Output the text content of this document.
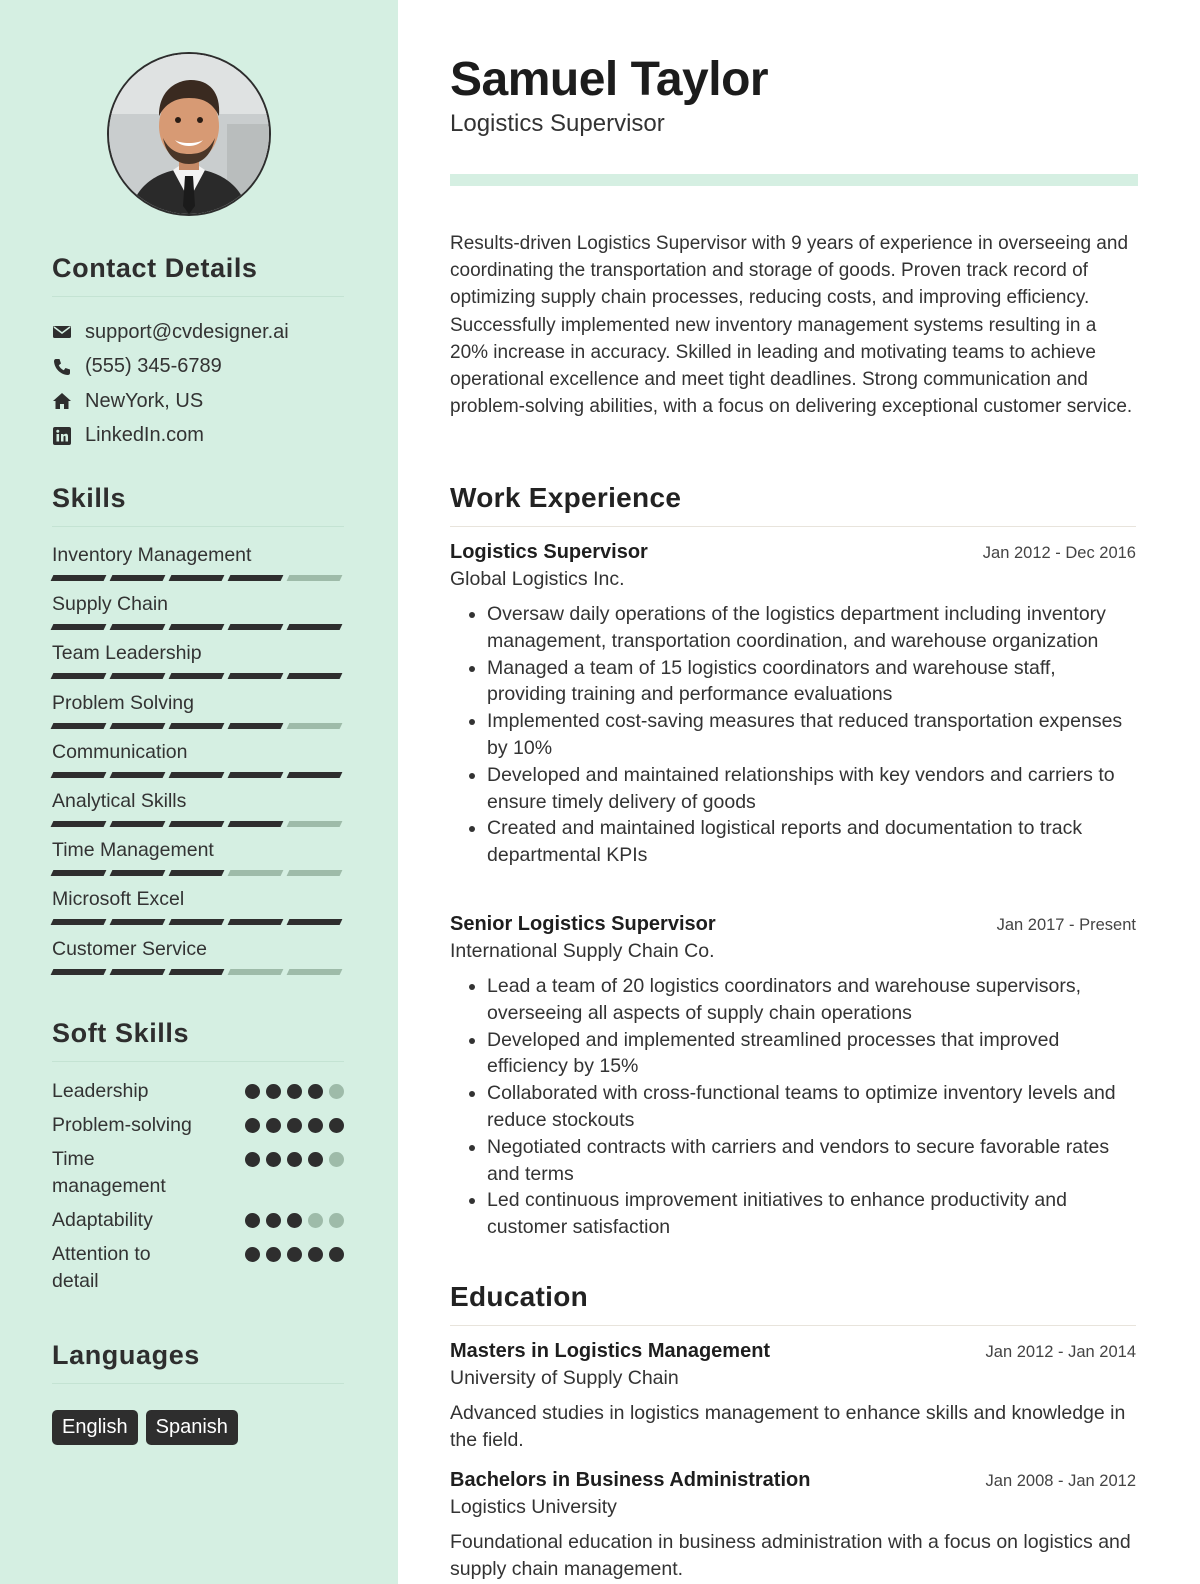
Contact Details
support@cvdesigner.ai
(555) 345-6789
NewYork, US
LinkedIn.com
Skills
Inventory Management
Supply Chain
Team Leadership
Problem Solving
Communication
Analytical Skills
Time Management
Microsoft Excel
Customer Service
Soft Skills
Leadership
Problem-solving
Time management
Adaptability
Attention to detail
Languages
English	Spanish
Samuel Taylor
Logistics Supervisor

Results-driven Logistics Supervisor with 9 years of experience in overseeing and coordinating the transportation and storage of goods. Proven track record of optimizing supply chain processes, reducing costs, and improving efficiency. Successfully implemented new inventory management systems resulting in a 20% increase in accuracy. Skilled in leading and motivating teams to achieve operational excellence and meet tight deadlines. Strong communication and problem-solving abilities, with a focus on delivering exceptional customer service.

Work Experience
Logistics Supervisor	Jan 2012 - Dec 2016
Global Logistics Inc.
• Oversaw daily operations of the logistics department including inventory management, transportation coordination, and warehouse organization
• Managed a team of 15 logistics coordinators and warehouse staff, providing training and performance evaluations
• Implemented cost-saving measures that reduced transportation expenses by 10%
• Developed and maintained relationships with key vendors and carriers to ensure timely delivery of goods
• Created and maintained logistical reports and documentation to track departmental KPIs
Senior Logistics Supervisor	Jan 2017 - Present
International Supply Chain Co.
• Lead a team of 20 logistics coordinators and warehouse supervisors, overseeing all aspects of supply chain operations
• Developed and implemented streamlined processes that improved efficiency by 15%
• Collaborated with cross-functional teams to optimize inventory levels and reduce stockouts
• Negotiated contracts with carriers and vendors to secure favorable rates and terms
• Led continuous improvement initiatives to enhance productivity and customer satisfaction
Education
Masters in Logistics Management	Jan 2012 - Jan 2014
University of Supply Chain

Advanced studies in logistics management to enhance skills and knowledge in the field.

Bachelors in Business Administration	Jan 2008 - Jan 2012
Logistics University

Foundational education in business administration with a focus on logistics and supply chain management.
